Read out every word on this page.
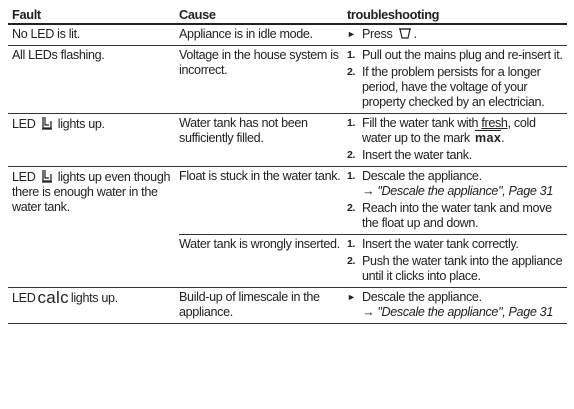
Fault	Cause	troubleshooting
No LED is lit.	Appliance is in idle mode.	► Press .

All LEDs flashing.	Voltage in the house system is incorrect.	1. Pull out the mains plug and re-insert it.
2. If the problem persists for a longer period, have the voltage of your property checked by an electrician.

LED lights up.	Water tank has not been sufficiently filled.	1. Fill the water tank with fresh, cold water up to the mark max.
2. Insert the water tank.

LED lights up even though there is enough water in the water tank.	Float is stuck in the water tank.	1. Descale the appliance.
→ "Descale the appliance", Page 31
2. Reach into the water tank and move the float up and down.

	Water tank is wrongly inserted.	1. Insert the water tank correctly.
2. Push the water tank into the appliance until it clicks into place.

LED calc lights up.	Build-up of limescale in the appliance.	► Descale the appliance.
→ "Descale the appliance", Page 31
